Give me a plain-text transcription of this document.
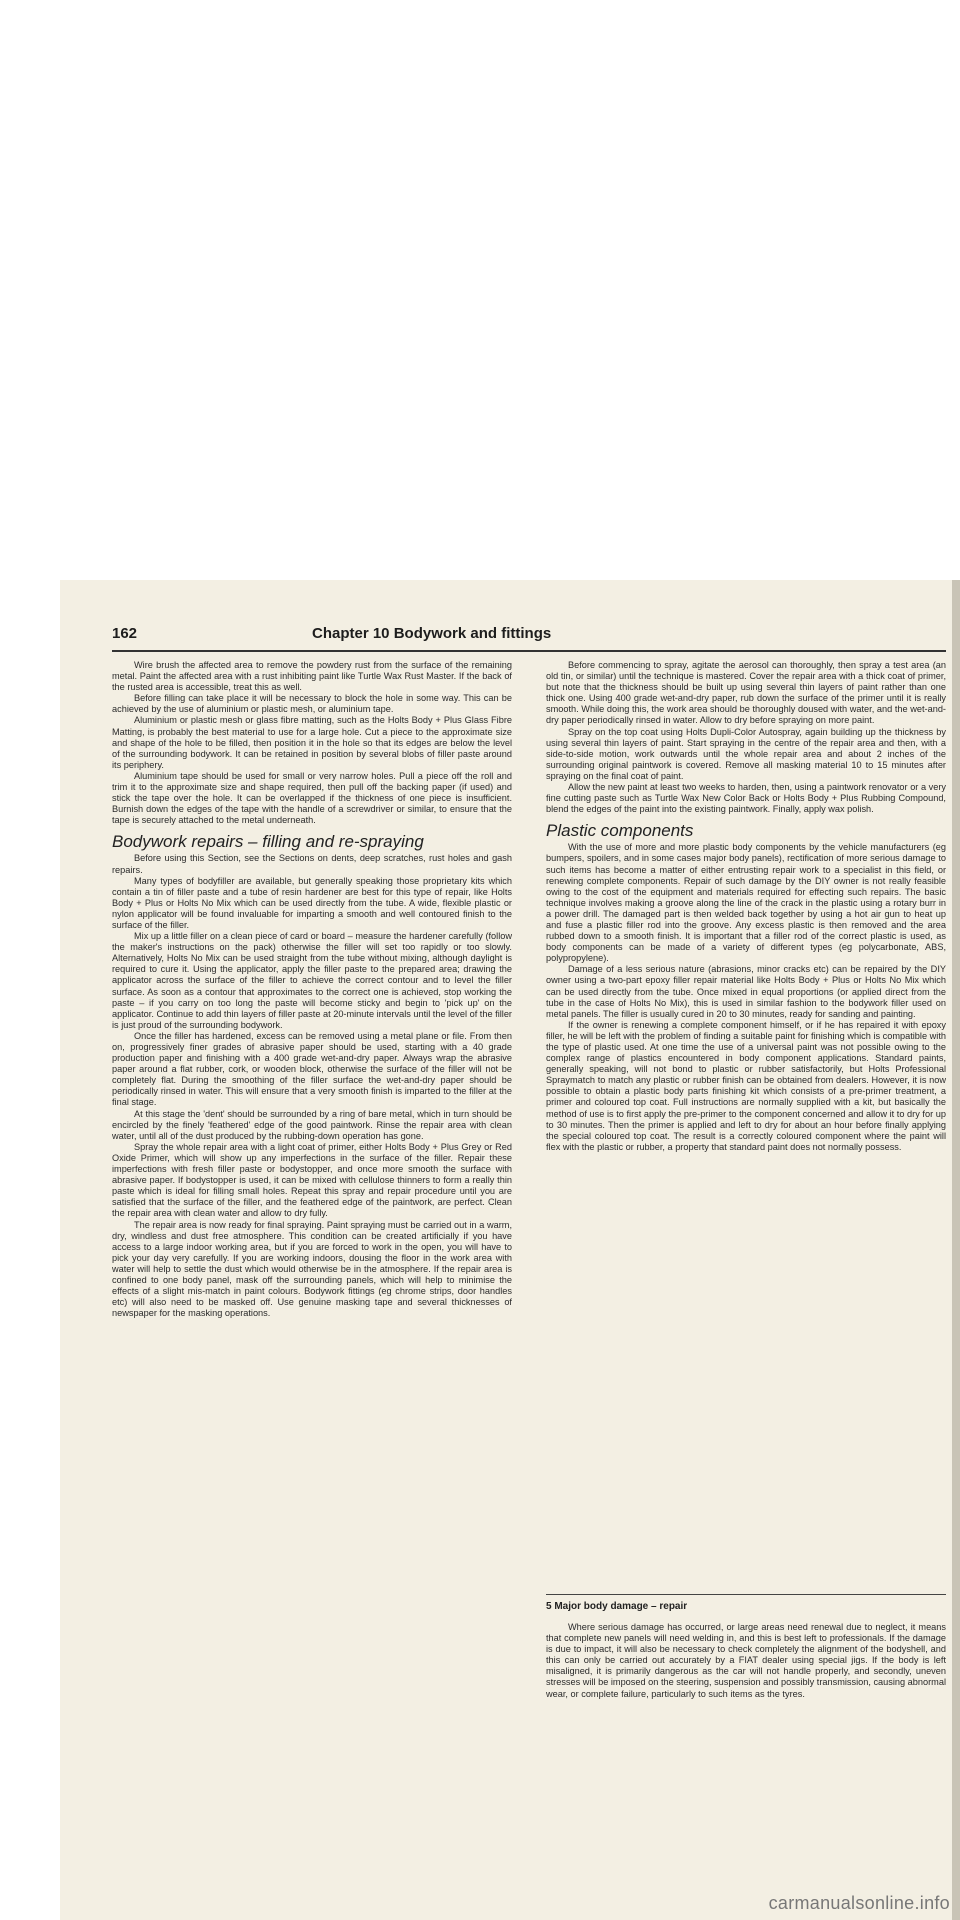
162	Chapter 10 Bodywork and fittings

Wire brush the affected area to remove the powdery rust from the surface of the remaining metal. Paint the affected area with a rust inhibiting paint like Turtle Wax Rust Master. If the back of the rusted area is accessible, treat this as well.

Before filling can take place it will be necessary to block the hole in some way. This can be achieved by the use of aluminium or plastic mesh, or aluminium tape.

Aluminium or plastic mesh or glass fibre matting, such as the Holts Body + Plus Glass Fibre Matting, is probably the best material to use for a large hole. Cut a piece to the approximate size and shape of the hole to be filled, then position it in the hole so that its edges are below the level of the surrounding bodywork. It can be retained in position by several blobs of filler paste around its periphery.

Aluminium tape should be used for small or very narrow holes. Pull a piece off the roll and trim it to the approximate size and shape required, then pull off the backing paper (if used) and stick the tape over the hole. It can be overlapped if the thickness of one piece is insufficient. Burnish down the edges of the tape with the handle of a screwdriver or similar, to ensure that the tape is securely attached to the metal underneath.

Bodywork repairs – filling and re-spraying

Before using this Section, see the Sections on dents, deep scratches, rust holes and gash repairs.

Many types of bodyfiller are available, but generally speaking those proprietary kits which contain a tin of filler paste and a tube of resin hardener are best for this type of repair, like Holts Body + Plus or Holts No Mix which can be used directly from the tube. A wide, flexible plastic or nylon applicator will be found invaluable for imparting a smooth and well contoured finish to the surface of the filler.

Mix up a little filler on a clean piece of card or board – measure the hardener carefully (follow the maker's instructions on the pack) otherwise the filler will set too rapidly or too slowly. Alternatively, Holts No Mix can be used straight from the tube without mixing, although daylight is required to cure it. Using the applicator, apply the filler paste to the prepared area; drawing the applicator across the surface of the filler to achieve the correct contour and to level the filler surface. As soon as a contour that approximates to the correct one is achieved, stop working the paste – if you carry on too long the paste will become sticky and begin to 'pick up' on the applicator. Continue to add thin layers of filler paste at 20-minute intervals until the level of the filler is just proud of the surrounding bodywork.

Once the filler has hardened, excess can be removed using a metal plane or file. From then on, progressively finer grades of abrasive paper should be used, starting with a 40 grade production paper and finishing with a 400 grade wet-and-dry paper. Always wrap the abrasive paper around a flat rubber, cork, or wooden block, otherwise the surface of the filler will not be completely flat. During the smoothing of the filler surface the wet-and-dry paper should be periodically rinsed in water. This will ensure that a very smooth finish is imparted to the filler at the final stage.

At this stage the 'dent' should be surrounded by a ring of bare metal, which in turn should be encircled by the finely 'feathered' edge of the good paintwork. Rinse the repair area with clean water, until all of the dust produced by the rubbing-down operation has gone.

Spray the whole repair area with a light coat of primer, either Holts Body + Plus Grey or Red Oxide Primer, which will show up any imperfections in the surface of the filler. Repair these imperfections with fresh filler paste or bodystopper, and once more smooth the surface with abrasive paper. If bodystopper is used, it can be mixed with cellulose thinners to form a really thin paste which is ideal for filling small holes. Repeat this spray and repair procedure until you are satisfied that the surface of the filler, and the feathered edge of the paintwork, are perfect. Clean the repair area with clean water and allow to dry fully.

The repair area is now ready for final spraying. Paint spraying must be carried out in a warm, dry, windless and dust free atmosphere. This condition can be created artificially if you have access to a large indoor working area, but if you are forced to work in the open, you will have to pick your day very carefully. If you are working indoors, dousing the floor in the work area with water will help to settle the dust which would otherwise be in the atmosphere. If the repair area is confined to one body panel, mask off the surrounding panels, which will help to minimise the effects of a slight mis-match in paint colours. Bodywork fittings (eg chrome strips, door handles etc) will also need to be masked off. Use genuine masking tape and several thicknesses of newspaper for the masking operations.

Before commencing to spray, agitate the aerosol can thoroughly, then spray a test area (an old tin, or similar) until the technique is mastered. Cover the repair area with a thick coat of primer, but note that the thickness should be built up using several thin layers of paint rather than one thick one. Using 400 grade wet-and-dry paper, rub down the surface of the primer until it is really smooth. While doing this, the work area should be thoroughly doused with water, and the wet-and-dry paper periodically rinsed in water. Allow to dry before spraying on more paint.

Spray on the top coat using Holts Dupli-Color Autospray, again building up the thickness by using several thin layers of paint. Start spraying in the centre of the repair area and then, with a side-to-side motion, work outwards until the whole repair area and about 2 inches of the surrounding original paintwork is covered. Remove all masking material 10 to 15 minutes after spraying on the final coat of paint.

Allow the new paint at least two weeks to harden, then, using a paintwork renovator or a very fine cutting paste such as Turtle Wax New Color Back or Holts Body + Plus Rubbing Compound, blend the edges of the paint into the existing paintwork. Finally, apply wax polish.

Plastic components

With the use of more and more plastic body components by the vehicle manufacturers (eg bumpers, spoilers, and in some cases major body panels), rectification of more serious damage to such items has become a matter of either entrusting repair work to a specialist in this field, or renewing complete components. Repair of such damage by the DIY owner is not really feasible owing to the cost of the equipment and materials required for effecting such repairs. The basic technique involves making a groove along the line of the crack in the plastic using a rotary burr in a power drill. The damaged part is then welded back together by using a hot air gun to heat up and fuse a plastic filler rod into the groove. Any excess plastic is then removed and the area rubbed down to a smooth finish. It is important that a filler rod of the correct plastic is used, as body components can be made of a variety of different types (eg polycarbonate, ABS, polypropylene).

Damage of a less serious nature (abrasions, minor cracks etc) can be repaired by the DIY owner using a two-part epoxy filler repair material like Holts Body + Plus or Holts No Mix which can be used directly from the tube. Once mixed in equal proportions (or applied direct from the tube in the case of Holts No Mix), this is used in similar fashion to the bodywork filler used on metal panels. The filler is usually cured in 20 to 30 minutes, ready for sanding and painting.

If the owner is renewing a complete component himself, or if he has repaired it with epoxy filler, he will be left with the problem of finding a suitable paint for finishing which is compatible with the type of plastic used. At one time the use of a universal paint was not possible owing to the complex range of plastics encountered in body component applications. Standard paints, generally speaking, will not bond to plastic or rubber satisfactorily, but Holts Professional Spraymatch to match any plastic or rubber finish can be obtained from dealers. However, it is now possible to obtain a plastic body parts finishing kit which consists of a pre-primer treatment, a primer and coloured top coat. Full instructions are normally supplied with a kit, but basically the method of use is to first apply the pre-primer to the component concerned and allow it to dry for up to 30 minutes. Then the primer is applied and left to dry for about an hour before finally applying the special coloured top coat. The result is a correctly coloured component where the paint will flex with the plastic or rubber, a property that standard paint does not normally possess.

5 Major body damage – repair

Where serious damage has occurred, or large areas need renewal due to neglect, it means that complete new panels will need welding in, and this is best left to professionals. If the damage is due to impact, it will also be necessary to check completely the alignment of the bodyshell, and this can only be carried out accurately by a FIAT dealer using special jigs. If the body is left misaligned, it is primarily dangerous as the car will not handle properly, and secondly, uneven stresses will be imposed on the steering, suspension and possibly transmission, causing abnormal wear, or complete failure, particularly to such items as the tyres.

carmanualsonline.info
